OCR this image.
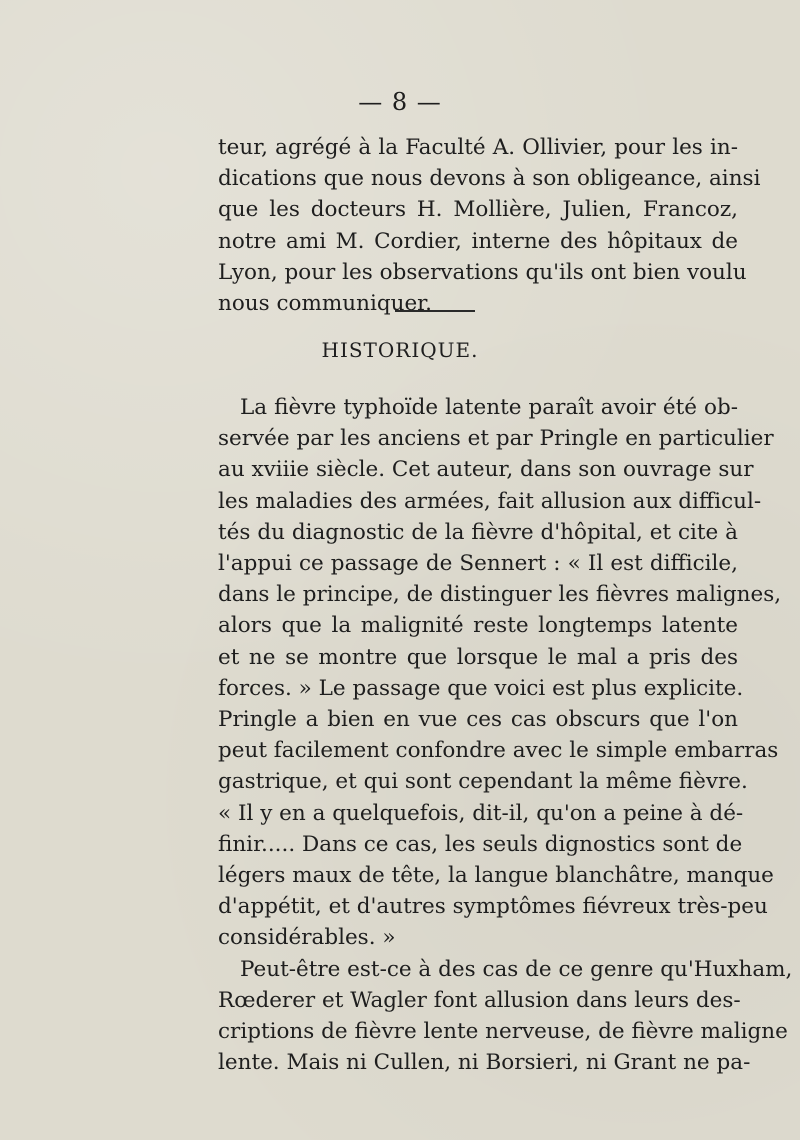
— 8 —
teur, agrégé à la Faculté A. Ollivier, pour les in-
dications que nous devons à son obligeance, ainsi
que les docteurs H. Mollière, Julien, Francoz,
notre ami M. Cordier, interne des hôpitaux de
Lyon, pour les observations qu'ils ont bien voulu
nous communiquer.
HISTORIQUE.
La fièvre typhoïde latente paraît avoir été ob-
servée par les anciens et par Pringle en particulier
au xviiie siècle. Cet auteur, dans son ouvrage sur
les maladies des armées, fait allusion aux difficul-
tés du diagnostic de la fièvre d'hôpital, et cite à
l'appui ce passage de Sennert : « Il est difficile,
dans le principe, de distinguer les fièvres malignes,
alors que la malignité reste longtemps latente
et ne se montre que lorsque le mal a pris des
forces. » Le passage que voici est plus explicite.
Pringle a bien en vue ces cas obscurs que l'on
peut facilement confondre avec le simple embarras
gastrique, et qui sont cependant la même fièvre.
« Il y en a quelquefois, dit-il, qu'on a peine à dé-
finir..... Dans ce cas, les seuls dignostics sont de
légers maux de tête, la langue blanchâtre, manque
d'appétit, et d'autres symptômes fiévreux très-peu
considérables. »
Peut-être est-ce à des cas de ce genre qu'Huxham,
Rœderer et Wagler font allusion dans leurs des-
criptions de fièvre lente nerveuse, de fièvre maligne
lente. Mais ni Cullen, ni Borsieri, ni Grant ne pa-
